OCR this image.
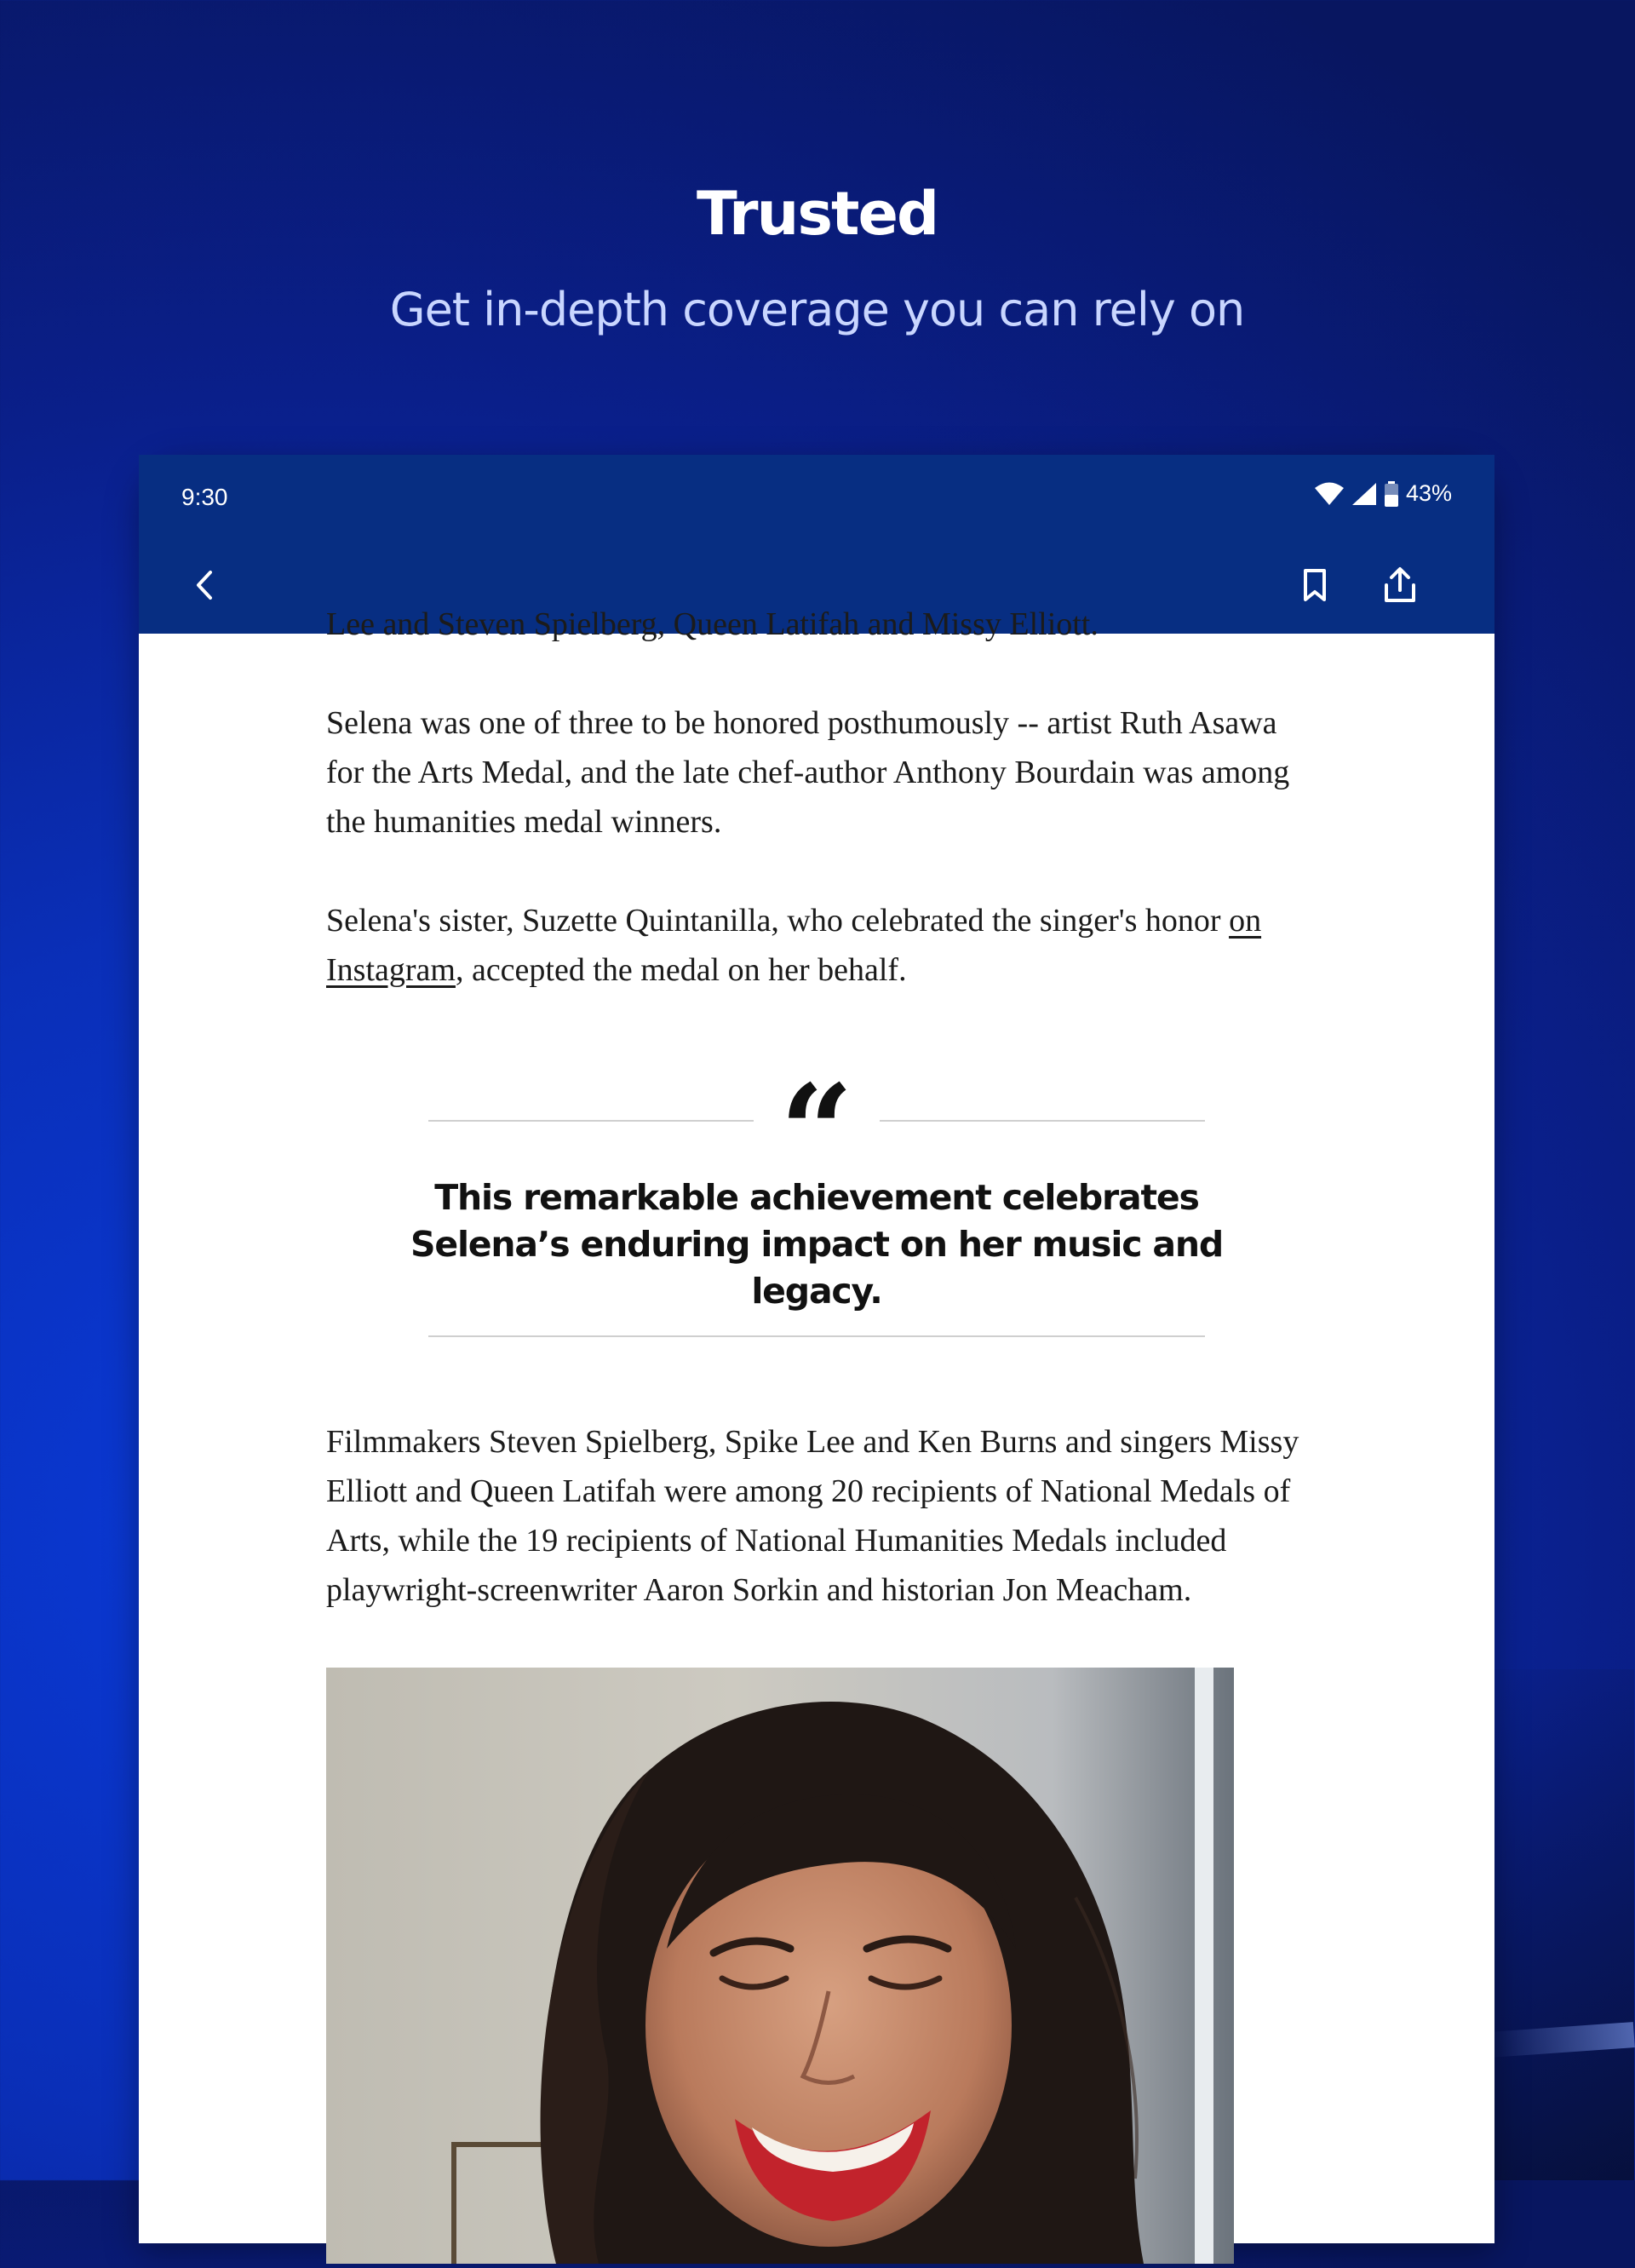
Trusted
Get in-depth coverage you can rely on
9:30	43%

Lee and Steven Spielberg, Queen Latifah and Missy Elliott.

Selena was one of three to be honored posthumously -- artist Ruth Asawa for the Arts Medal, and the late chef-author Anthony Bourdain was among the humanities medal winners.

Selena's sister, Suzette Quintanilla, who celebrated the singer's honor on Instagram, accepted the medal on her behalf.

“

This remarkable achievement celebrates Selena’s enduring impact on her music and legacy.

Filmmakers Steven Spielberg, Spike Lee and Ken Burns and singers Missy Elliott and Queen Latifah were among 20 recipients of National Medals of Arts, while the 19 recipients of National Humanities Medals included playwright-screenwriter Aaron Sorkin and historian Jon Meacham.
